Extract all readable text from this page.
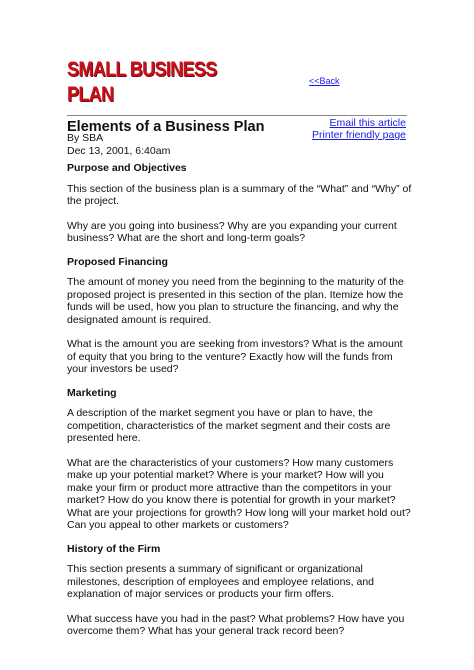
SMALL BUSINESS
PLAN
<<Back
Elements of a Business Plan
By SBA
Dec 13, 2001, 6:40am
Email this article
Printer friendly page
Purpose and Objectives

This section of the business plan is a summary of the “What” and “Why” of the project.

Why are you going into business? Why are you expanding your current business? What are the short and long-term goals?

Proposed Financing

The amount of money you need from the beginning to the maturity of the proposed project is presented in this section of the plan. Itemize how the funds will be used, how you plan to structure the financing, and why the designated amount is required.

What is the amount you are seeking from investors? What is the amount of equity that you bring to the venture? Exactly how will the funds from your investors be used?

Marketing

A description of the market segment you have or plan to have, the competition, characteristics of the market segment and their costs are presented here.

What are the characteristics of your customers? How many customers make up your potential market? Where is your market? How will you make your firm or product more attractive than the competitors in your market? How do you know there is potential for growth in your market? What are your projections for growth? How long will your market hold out? Can you appeal to other markets or customers?

History of the Firm

This section presents a summary of significant or organizational milestones, description of employees and employee relations, and explanation of major services or products your firm offers.

What success have you had in the past? What problems? How have you overcome them? What has your general track record been?
